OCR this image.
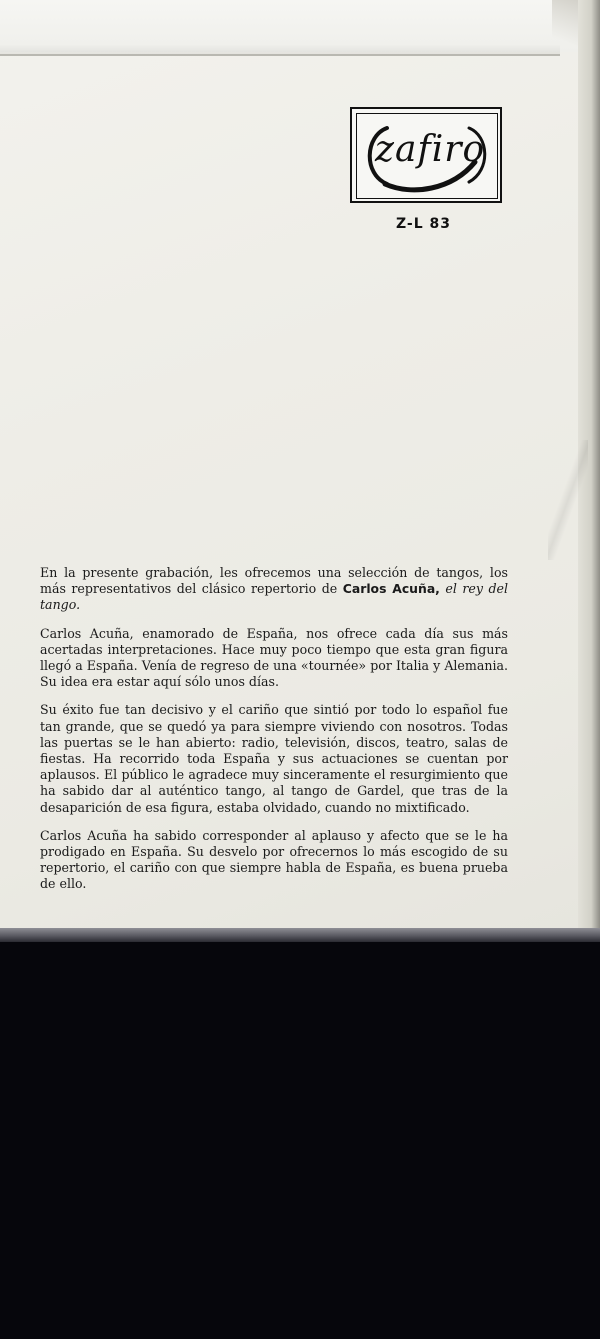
zafiro
Z-L 83

En la presente grabación, les ofrecemos una selección de tangos, los más representativos del clásico repertorio de Carlos Acuña, el rey del tango.

Carlos Acuña, enamorado de España, nos ofrece cada día sus más acertadas interpretaciones. Hace muy poco tiempo que esta gran figura llegó a España. Venía de regreso de una «tournée» por Italia y Alemania. Su idea era estar aquí sólo unos días.

Su éxito fue tan decisivo y el cariño que sintió por todo lo español fue tan grande, que se quedó ya para siempre viviendo con nosotros. Todas las puertas se le han abierto: radio, televisión, discos, teatro, salas de fiestas. Ha recorrido toda España y sus actuaciones se cuentan por aplausos. El público le agradece muy sinceramente el resurgimiento que ha sabido dar al auténtico tango, al tango de Gardel, que tras de la desaparición de esa figura, estaba olvidado, cuando no mixtificado.

Carlos Acuña ha sabido corresponder al aplauso y afecto que se le ha prodigado en España. Su desvelo por ofrecernos lo más escogido de su repertorio, el cariño con que siempre habla de España, es buena prueba de ello.
